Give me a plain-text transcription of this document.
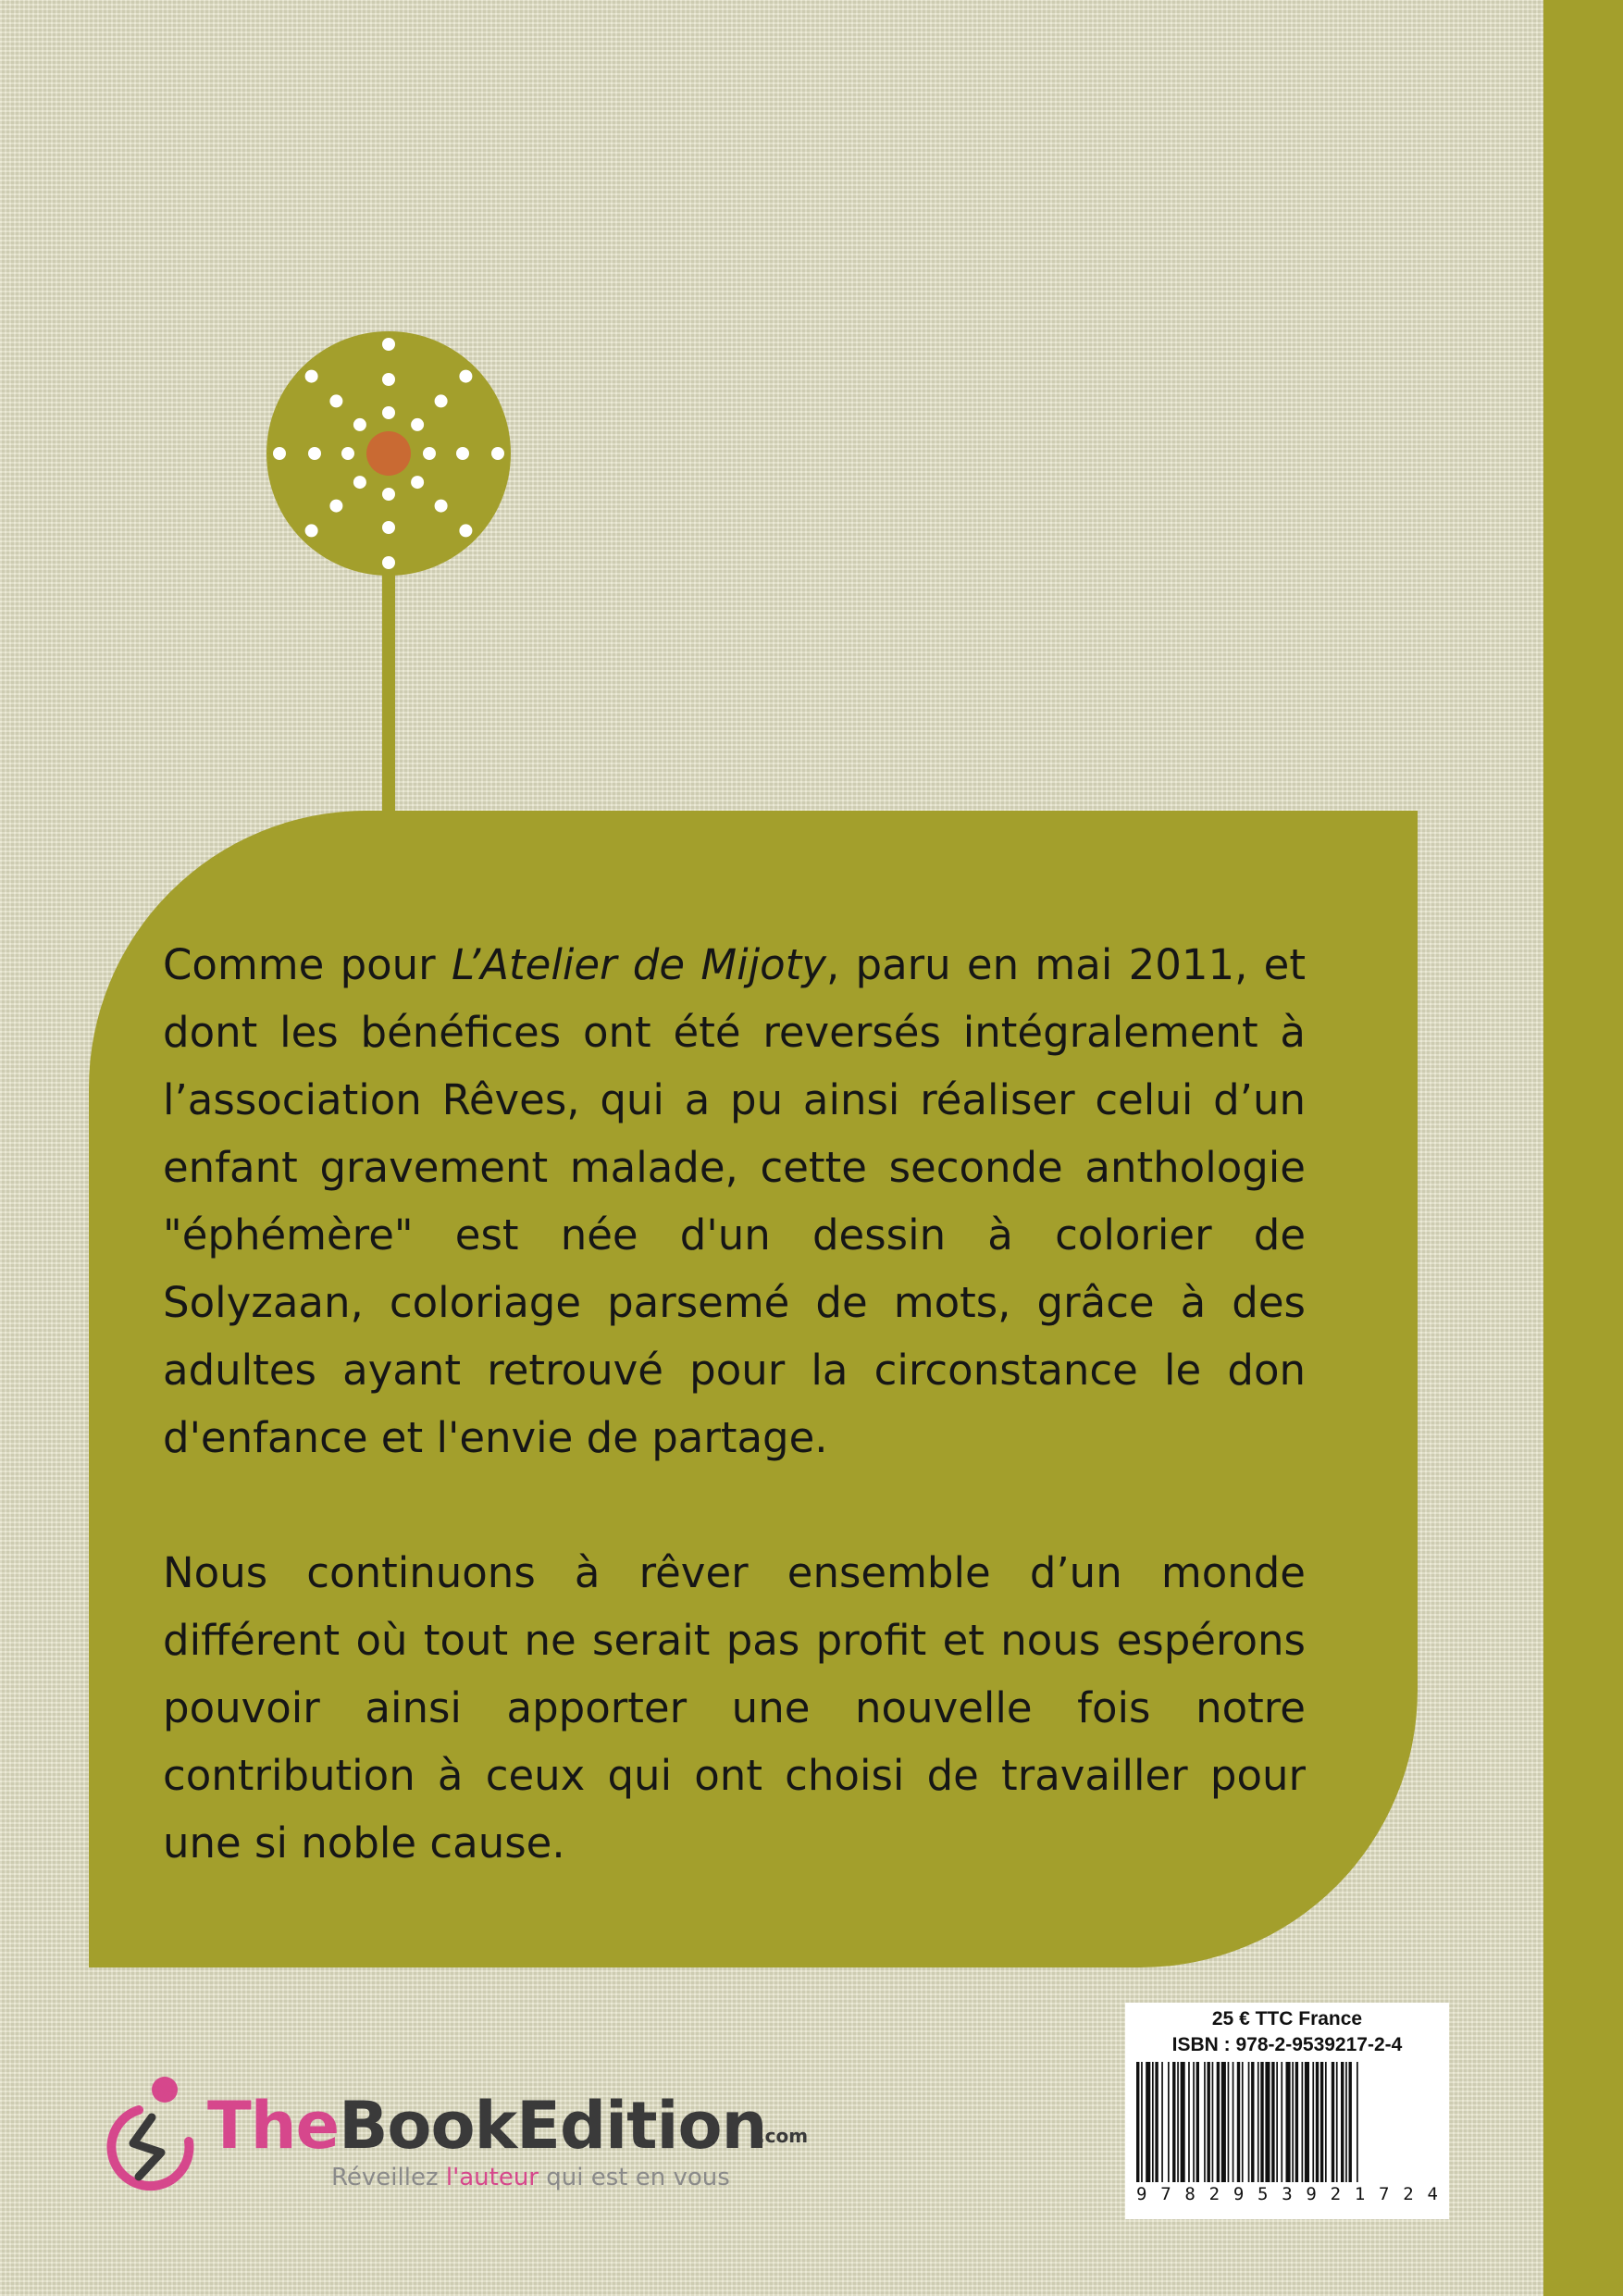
Comme pour L’Atelier de Mijoty, paru en mai 2011, et dont les bénéfices ont été reversés intégralement à l’association Rêves, qui a pu ainsi réaliser celui d’un enfant gravement malade, cette seconde anthologie "éphémère" est née d'un dessin à colorier de Solyzaan, coloriage parsemé de mots, grâce à des adultes ayant retrouvé pour la circonstance le don d'enfance et l'envie de partage.

Nous continuons à rêver ensemble d’un monde différent où tout ne serait pas profit et nous espérons pouvoir ainsi apporter une nouvelle fois notre contribution à ceux qui ont choisi de travailler pour une si noble cause.

25 € TTC France
ISBN : 978-2-9539217-2-4
9 7 8 2 9 5 3 9 2 1 7 2 4
TheBookEdition
.com
Réveillez l'auteur qui est en vous
